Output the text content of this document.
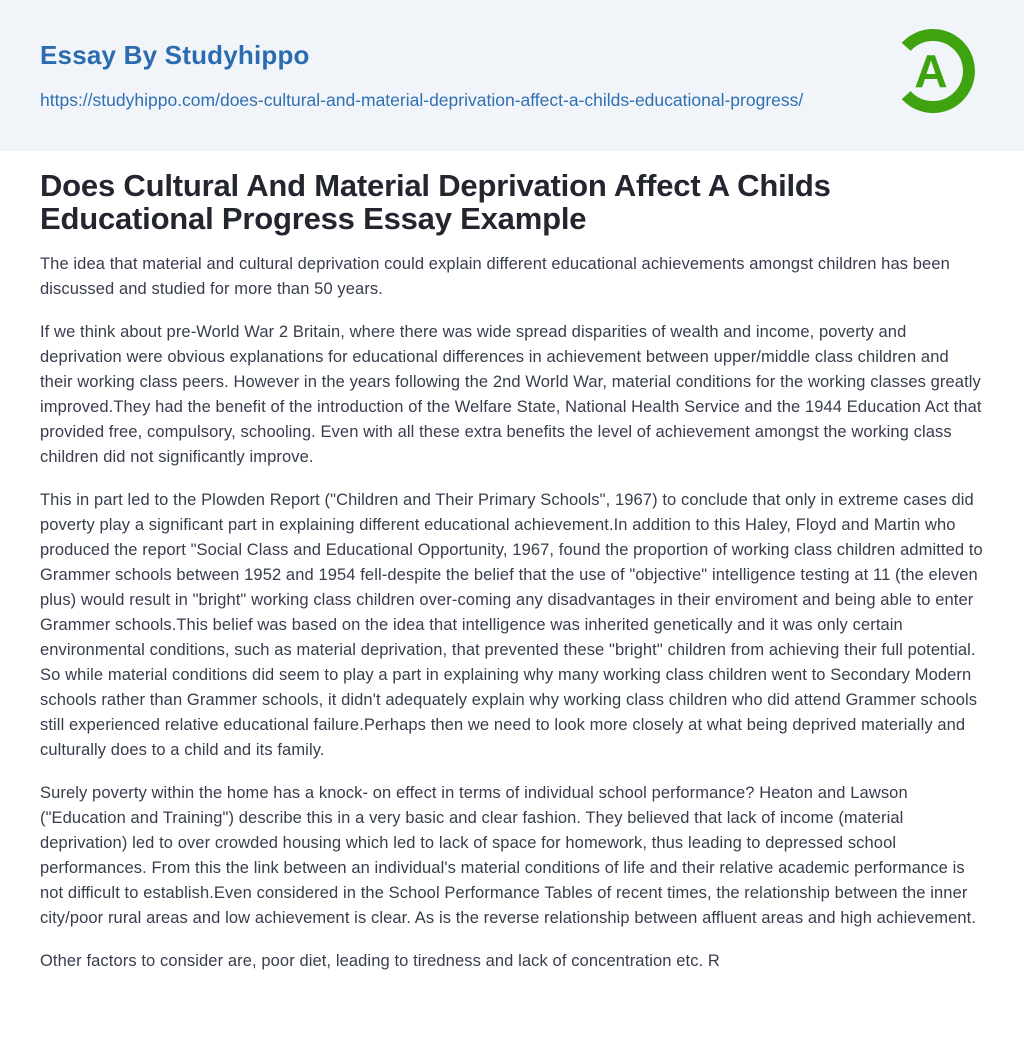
Essay By Studyhippo
https://studyhippo.com/does-cultural-and-material-deprivation-affect-a-childs-educational-progress/
A
Does Cultural And Material Deprivation Affect A Childs Educational Progress Essay Example

The idea that material and cultural deprivation could explain different educational achievements amongst children has been discussed and studied for more than 50 years.

If we think about pre-World War 2 Britain, where there was wide spread disparities of wealth and income, poverty and deprivation were obvious explanations for educational differences in achievement between upper/middle class children and their working class peers. However in the years following the 2nd World War, material conditions for the working classes greatly improved.They had the benefit of the introduction of the Welfare State, National Health Service and the 1944 Education Act that provided free, compulsory, schooling. Even with all these extra benefits the level of achievement amongst the working class children did not significantly improve.

This in part led to the Plowden Report ("Children and Their Primary Schools", 1967) to conclude that only in extreme cases did poverty play a significant part in explaining different educational achievement.In addition to this Haley, Floyd and Martin who produced the report "Social Class and Educational Opportunity, 1967, found the proportion of working class children admitted to Grammer schools between 1952 and 1954 fell-despite the belief that the use of "objective" intelligence testing at 11 (the eleven plus) would result in "bright" working class children over-coming any disadvantages in their enviroment and being able to enter Grammer schools.This belief was based on the idea that intelligence was inherited genetically and it was only certain environmental conditions, such as material deprivation, that prevented these "bright" children from achieving their full potential. So while material conditions did seem to play a part in explaining why many working class children went to Secondary Modern schools rather than Grammer schools, it didn't adequately explain why working class children who did attend Grammer schools still experienced relative educational failure.Perhaps then we need to look more closely at what being deprived materially and culturally does to a child and its family.

Surely poverty within the home has a knock- on effect in terms of individual school performance? Heaton and Lawson ("Education and Training") describe this in a very basic and clear fashion. They believed that lack of income (material deprivation) led to over crowded housing which led to lack of space for homework, thus leading to depressed school performances. From this the link between an individual's material conditions of life and their relative academic performance is not difficult to establish.Even considered in the School Performance Tables of recent times, the relationship between the inner city/poor rural areas and low achievement is clear. As is the reverse relationship between affluent areas and high achievement.

Other factors to consider are, poor diet, leading to tiredness and lack of concentration etc. R
